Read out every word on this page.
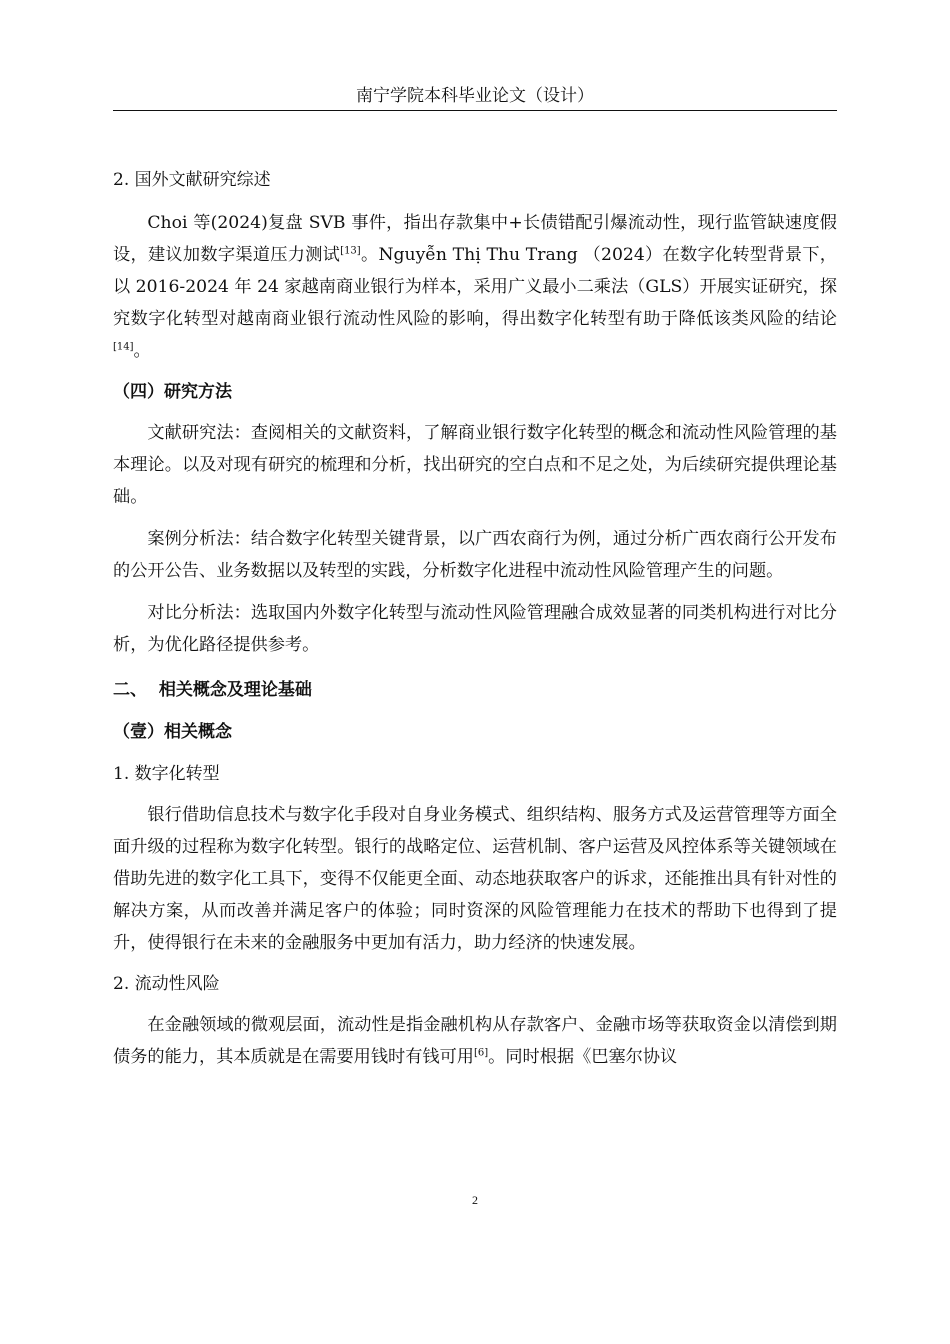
南宁学院本科毕业论文（设计）

2. 国外文献研究综述

Choi 等(2024)复盘 SVB 事件，指出存款集中+长债错配引爆流动性，现行监管缺速度假设，建议加数字渠道压力测试[13]。Nguyễn Thị Thu Trang （2024）在数字化转型背景下，以 2016-2024 年 24 家越南商业银行为样本，采用广义最小二乘法（GLS）开展实证研究，探究数字化转型对越南商业银行流动性风险的影响，得出数字化转型有助于降低该类风险的结论[14]。

（四）研究方法

文献研究法：查阅相关的文献资料，了解商业银行数字化转型的概念和流动性风险管理的基本理论。以及对现有研究的梳理和分析，找出研究的空白点和不足之处，为后续研究提供理论基础。

案例分析法：结合数字化转型关键背景，以广西农商行为例，通过分析广西农商行公开发布的公开公告、业务数据以及转型的实践，分析数字化进程中流动性风险管理产生的问题。

对比分析法：选取国内外数字化转型与流动性风险管理融合成效显著的同类机构进行对比分析，为优化路径提供参考。

二、  相关概念及理论基础

（壹）相关概念

1. 数字化转型

银行借助信息技术与数字化手段对自身业务模式、组织结构、服务方式及运营管理等方面全面升级的过程称为数字化转型。银行的战略定位、运营机制、客户运营及风控体系等关键领域在借助先进的数字化工具下，变得不仅能更全面、动态地获取客户的诉求，还能推出具有针对性的解决方案，从而改善并满足客户的体验；同时资深的风险管理能力在技术的帮助下也得到了提升，使得银行在未来的金融服务中更加有活力，助力经济的快速发展。

2. 流动性风险

在金融领域的微观层面，流动性是指金融机构从存款客户、金融市场等获取资金以清偿到期债务的能力，其本质就是在需要用钱时有钱可用[6]。同时根据《巴塞尔协议

2
